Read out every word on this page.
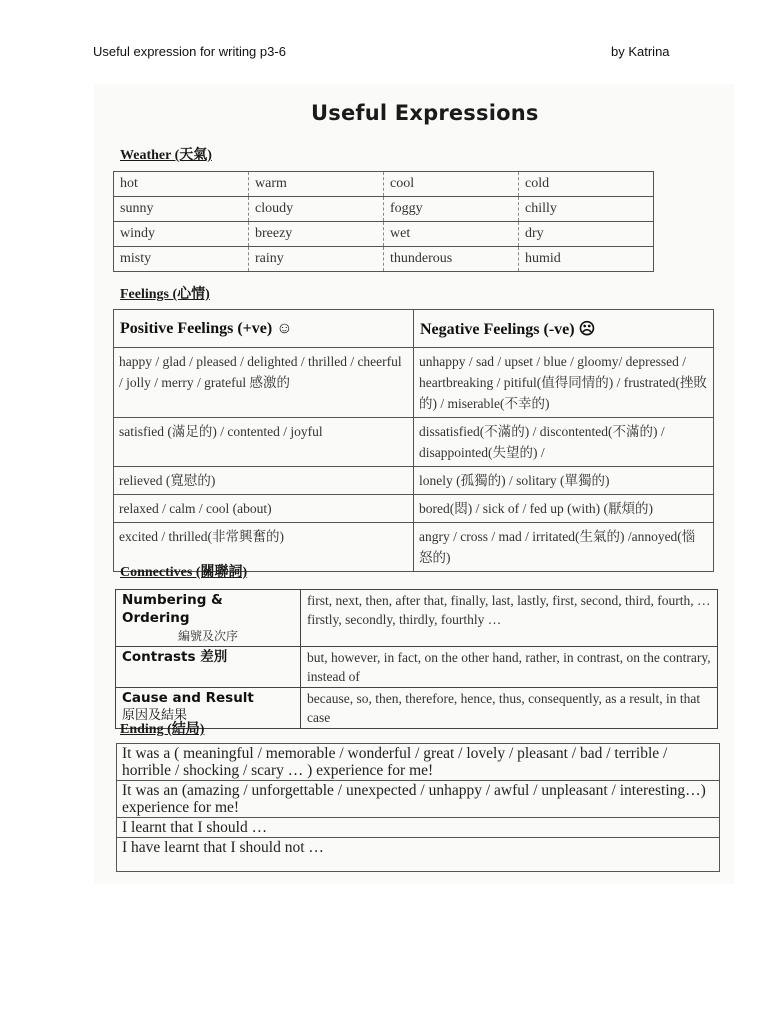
Useful expression for writing p3-6	by Katrina
Useful Expressions
Weather (天氣)
hot	warm	cool	cold
sunny	cloudy	foggy	chilly
windy	breezy	wet	dry
misty	rainy	thunderous	humid
Feelings (心情)
Positive Feelings (+ve) ☺	Negative Feelings (-ve) ☹
happy / glad / pleased / delighted / thrilled / cheerful / jolly / merry / grateful 感激的	unhappy / sad / upset / blue / gloomy/ depressed / heartbreaking / pitiful(值得同情的) / frustrated(挫敗的) / miserable(不幸的)
satisfied (滿足的) / contented / joyful	dissatisfied(不滿的) / discontented(不滿的) / disappointed(失望的) /
relieved (寬慰的)	lonely (孤獨的) / solitary (單獨的)
relaxed / calm / cool (about)	bored(悶) / sick of / fed up (with) (厭煩的)
excited / thrilled(非常興奮的)	angry / cross / mad / irritated(生氣的) /annoyed(惱怒的)
Connectives (關聯詞)
Numbering & Ordering
編號及次序	first, next, then, after that, finally, last, lastly, first, second, third, fourth, …firstly, secondly, thirdly, fourthly …
Contrasts 差別	but, however, in fact, on the other hand, rather, in contrast, on the contrary, instead of
Cause and Result
原因及結果	because, so, then, therefore, hence, thus, consequently, as a result, in that case
Ending (結局)
It was a ( meaningful / memorable / wonderful / great / lovely / pleasant / bad / terrible / horrible / shocking / scary … ) experience for me!
It was an (amazing / unforgettable / unexpected / unhappy / awful / unpleasant / interesting…) experience for me!
I learnt that I should …
I have learnt that I should not …
